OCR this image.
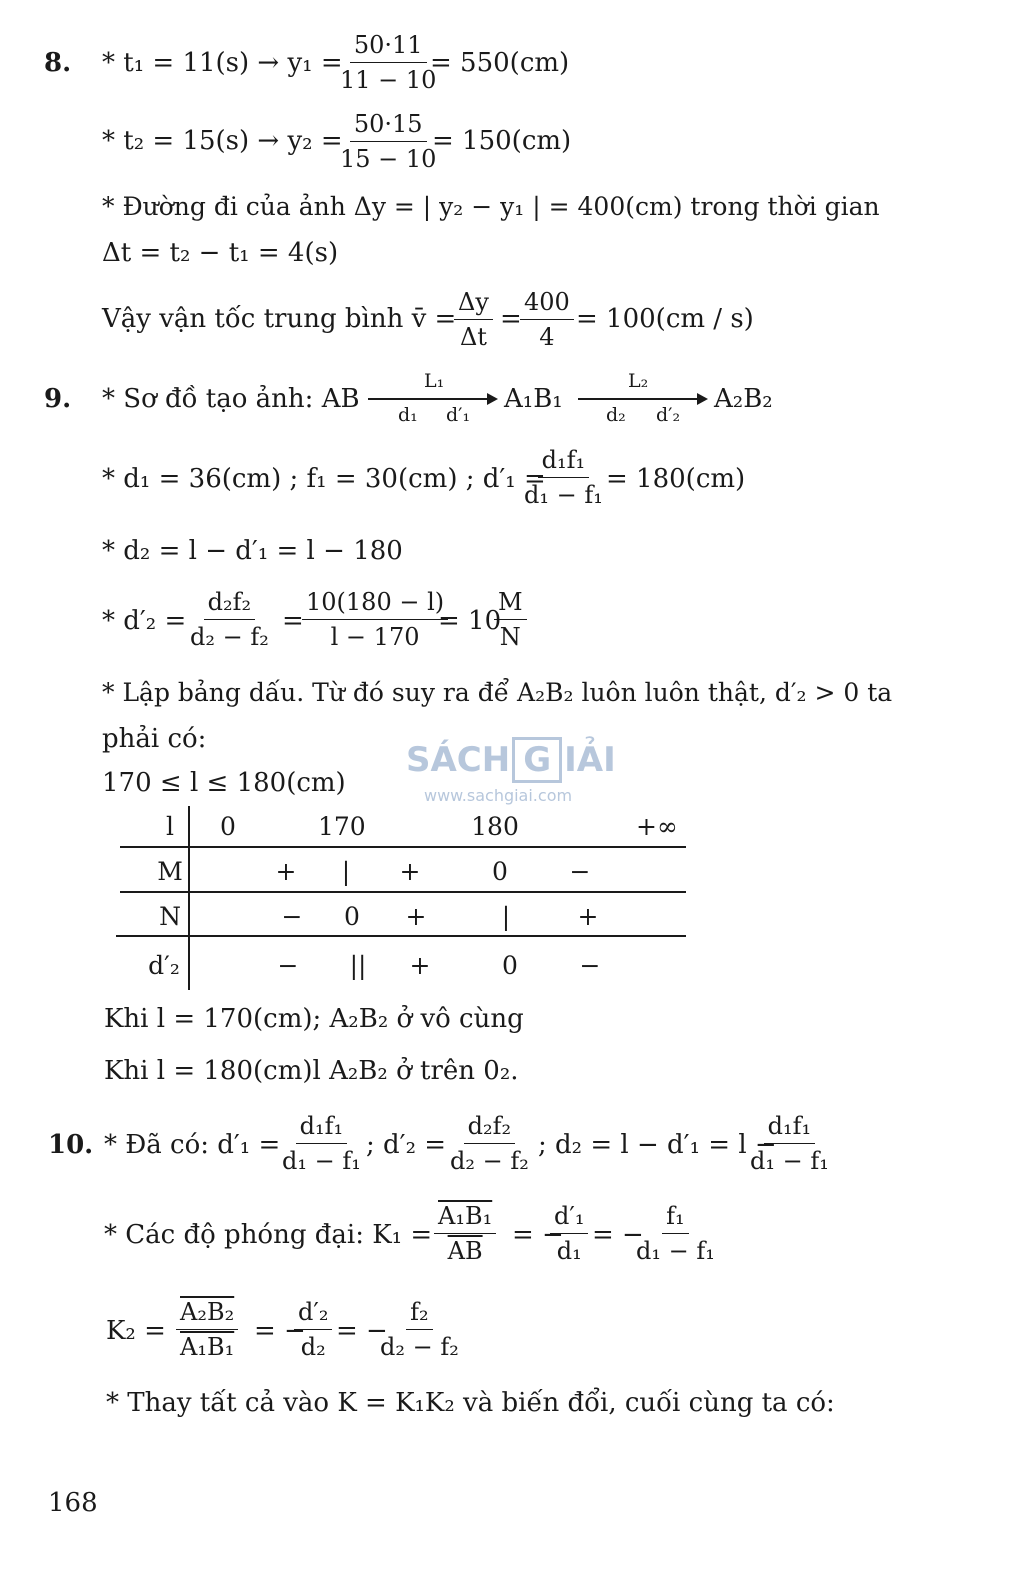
SÁCH G IẢI
www.sachgiai.com
8. * t₁ = 11(s) → y₁ =
$\frac{50\cdot 11}{11 - 10}$
= 550(cm)
* t₂ = 15(s) → y₂ =
$\frac{50\cdot 15}{15 - 10}$
= 150(cm)
* Đường đi của ảnh Δy = | y₂ − y₁ | = 400(cm) trong thời gian
Δt = t₂ − t₁ = 4(s)
Vậy vận tốc trung bình v̄ =
Δy
Δt
=
400
4
= 100(cm / s)
9. * Sơ đồ tạo ảnh: AB
L₁
d₁ d′₁
A₁B₁
L₂
d₂ d′₂
A₂B₂
* d₁ = 36(cm) ; f₁ = 30(cm) ; d′₁ =
$\frac{\text{d₁f₁}}{\text{d₁ − f₁}} = 180(cm)$
* d₂ = l − d′₁ = l − 180
* d′₂ =
d₂f₂
d₂ − f₂
=
10(180 − l)
l − 170
= 10
M
N
* Lập bảng dấu. Từ đó suy ra để A₂B₂ luôn luôn thật, d′₂ > 0 ta
phải có:
170 ≤ l ≤ 180(cm)
l	0	170	180	+∞
M	+	|	+	0	−
N	−	0	+	|	+
d′₂	−	||	+	0	−
Khi l = 170(cm); A₂B₂ ở vô cùng
Khi l = 180(cm)l A₂B₂ ở trên 0₂.
10. * Đã có: d′₁ =
d₁f₁
d₁ − f₁
; d′₂ =
d₂f₂
d₂ − f₂
; d₂ = l − d′₁ = l −
d₁f₁
d₁ − f₁
* Các độ phóng đại: K₁ =
A₁B₁
$\overline{AB}$
= −
d′₁
d₁
= −
f₁
d₁ − f₁
K₂ =
A₂B₂
A₁B₁
= −
d′₂
d₂
= −
f₂
d₂ − f₂
* Thay tất cả vào K = K₁K₂ và biến đổi, cuối cùng ta có:
168
